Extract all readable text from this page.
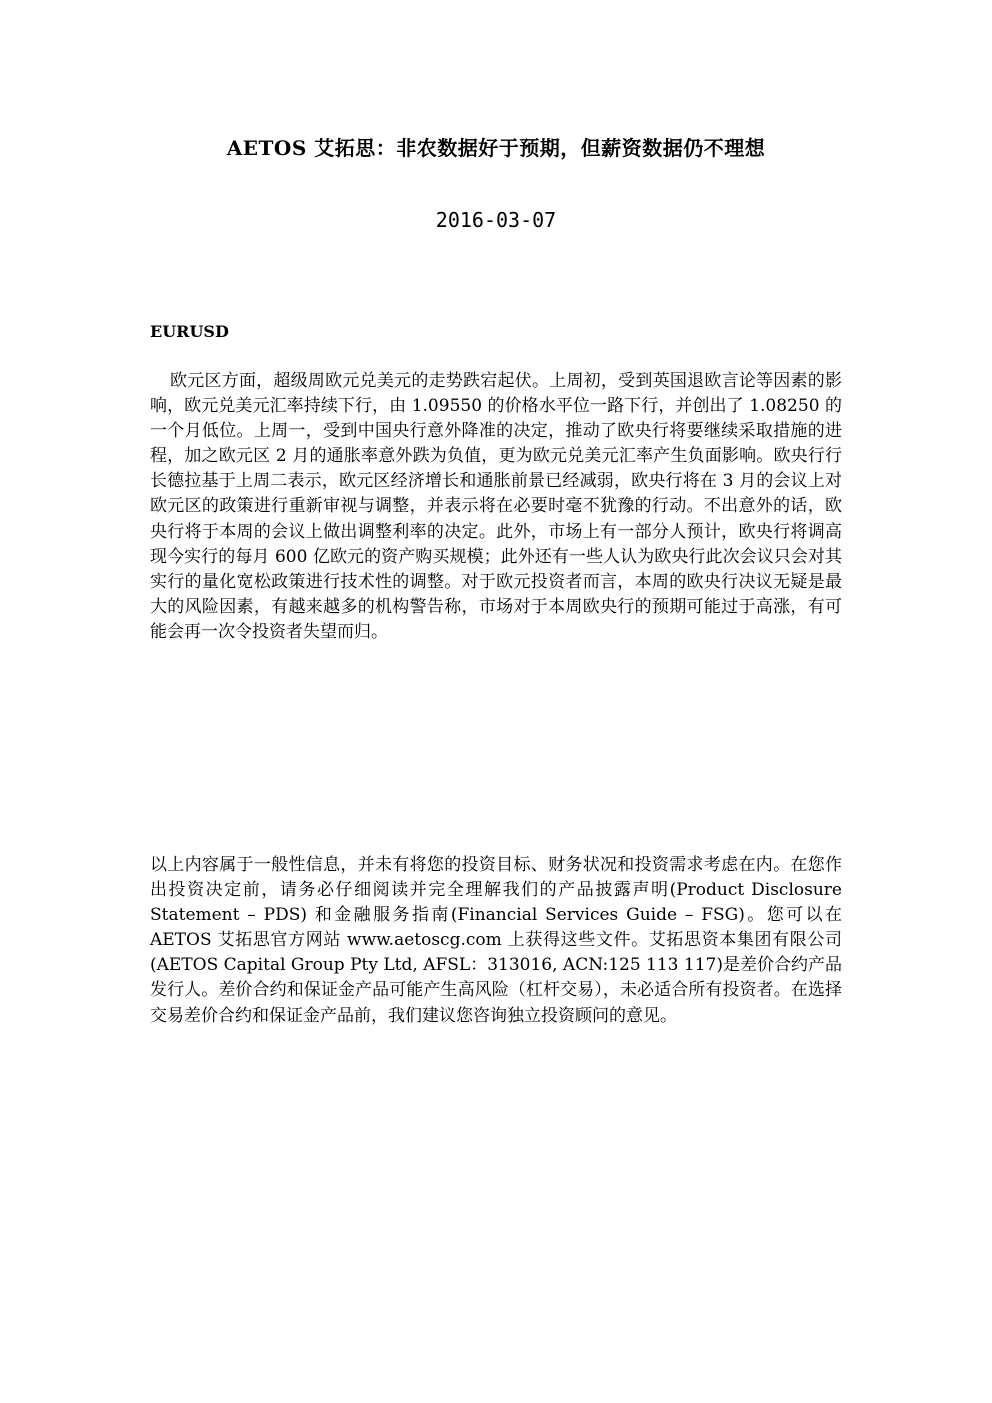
AETOS 艾拓思：非农数据好于预期，但薪资数据仍不理想
2016-03-07
EURUSD

欧元区方面，超级周欧元兑美元的走势跌宕起伏。上周初，受到英国退欧言论等因素的影响，欧元兑美元汇率持续下行，由 1.09550 的价格水平位一路下行，并创出了 1.08250 的一个月低位。上周一，受到中国央行意外降准的决定，推动了欧央行将要继续采取措施的进程，加之欧元区 2 月的通胀率意外跌为负值，更为欧元兑美元汇率产生负面影响。欧央行行长德拉基于上周二表示，欧元区经济增长和通胀前景已经减弱，欧央行将在 3 月的会议上对欧元区的政策进行重新审视与调整，并表示将在必要时毫不犹豫的行动。不出意外的话，欧央行将于本周的会议上做出调整利率的决定。此外，市场上有一部分人预计，欧央行将调高现今实行的每月 600 亿欧元的资产购买规模；此外还有一些人认为欧央行此次会议只会对其实行的量化宽松政策进行技术性的调整。对于欧元投资者而言，本周的欧央行决议无疑是最大的风险因素，有越来越多的机构警告称，市场对于本周欧央行的预期可能过于高涨，有可能会再一次令投资者失望而归。

以上内容属于一般性信息，并未有将您的投资目标、财务状况和投资需求考虑在内。在您作出投资决定前，请务必仔细阅读并完全理解我们的产品披露声明(Product Disclosure Statement – PDS) 和金融服务指南(Financial Services Guide – FSG)。您可以在 AETOS 艾拓思官方网站 www.aetoscg.com 上获得这些文件。艾拓思资本集团有限公司(AETOS Capital Group Pty Ltd, AFSL：313016, ACN:125 113 117)是差价合约产品发行人。差价合约和保证金产品可能产生高风险（杠杆交易），未必适合所有投资者。在选择交易差价合约和保证金产品前，我们建议您咨询独立投资顾问的意见。
